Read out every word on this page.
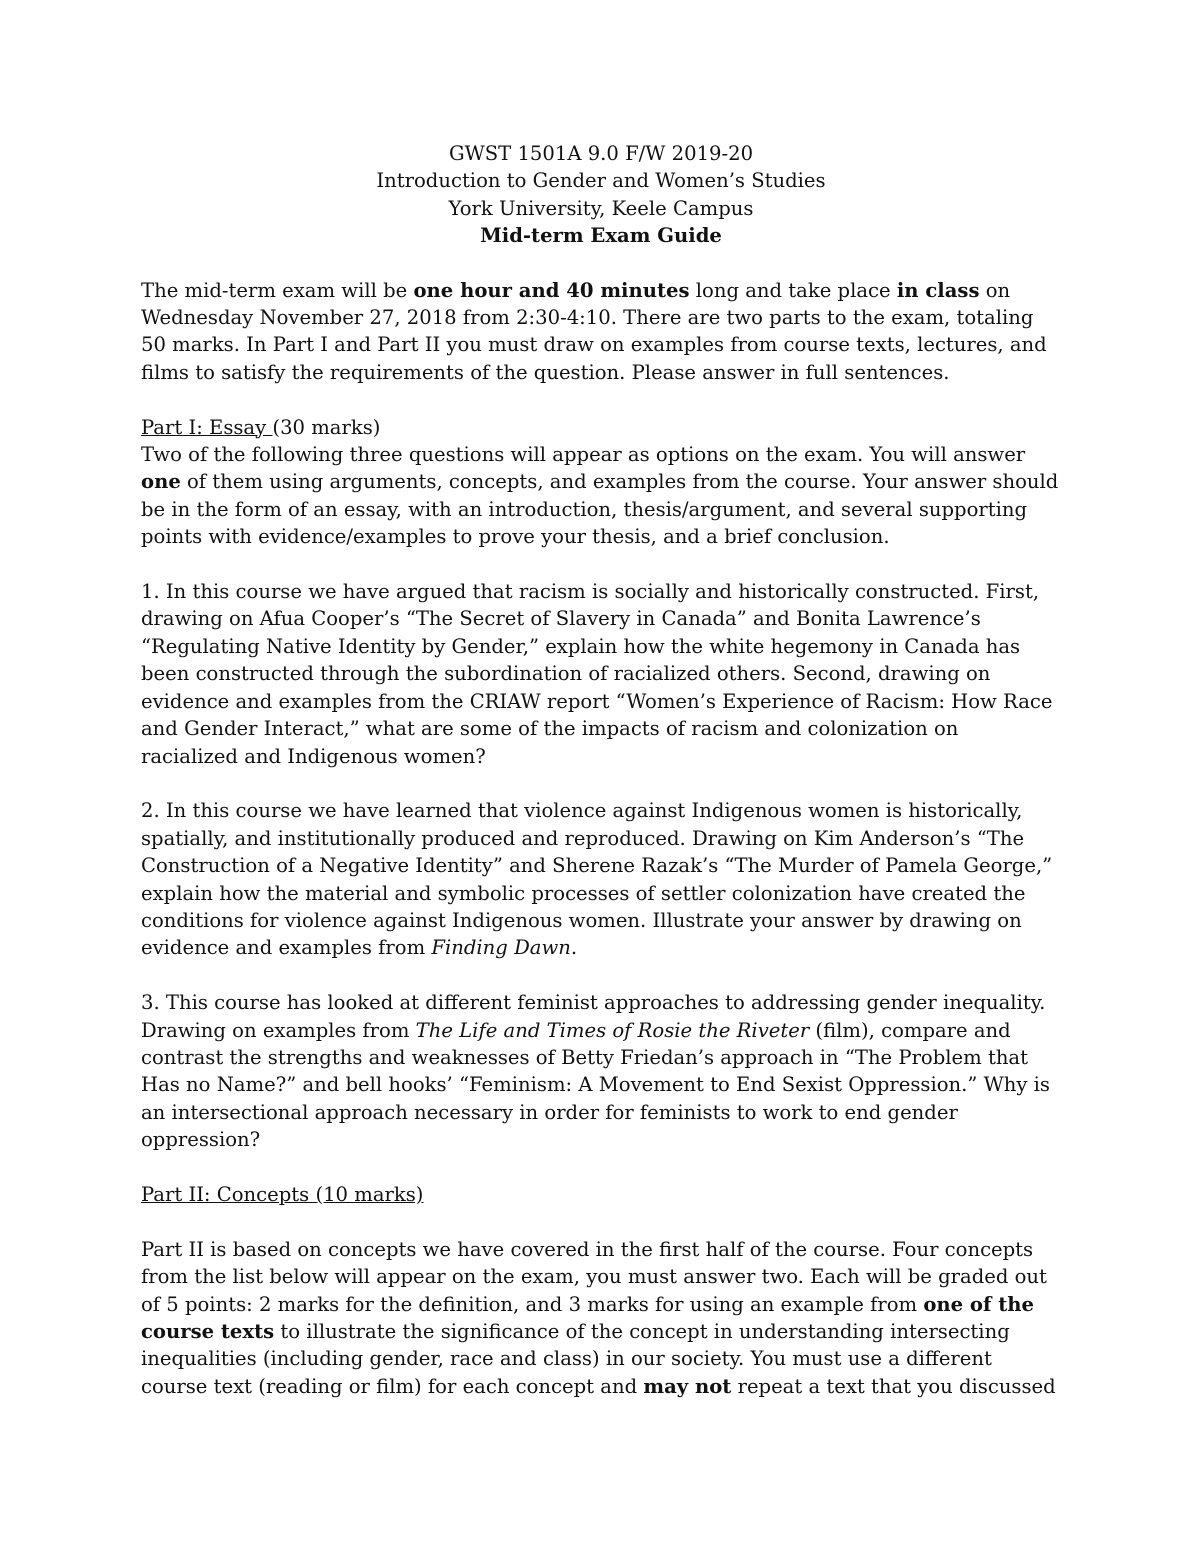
GWST 1501A 9.0 F/W 2019-20
Introduction to Gender and Women’s Studies
York University, Keele Campus
Mid-term Exam Guide

The mid-term exam will be one hour and 40 minutes long and take place in class on Wednesday November 27, 2018 from 2:30-4:10. There are two parts to the exam, totaling 50 marks. In Part I and Part II you must draw on examples from course texts, lectures, and films to satisfy the requirements of the question. Please answer in full sentences.

Part I: Essay (30 marks)

Two of the following three questions will appear as options on the exam. You will answer one of them using arguments, concepts, and examples from the course. Your answer should be in the form of an essay, with an introduction, thesis/argument, and several supporting points with evidence/examples to prove your thesis, and a brief conclusion.

1. In this course we have argued that racism is socially and historically constructed. First, drawing on Afua Cooper’s “The Secret of Slavery in Canada” and Bonita Lawrence’s “Regulating Native Identity by Gender,” explain how the white hegemony in Canada has been constructed through the subordination of racialized others. Second, drawing on evidence and examples from the CRIAW report “Women’s Experience of Racism: How Race and Gender Interact,” what are some of the impacts of racism and colonization on racialized and Indigenous women?

2. In this course we have learned that violence against Indigenous women is historically, spatially, and institutionally produced and reproduced. Drawing on Kim Anderson’s “The Construction of a Negative Identity” and Sherene Razak’s “The Murder of Pamela George,” explain how the material and symbolic processes of settler colonization have created the conditions for violence against Indigenous women. Illustrate your answer by drawing on evidence and examples from Finding Dawn.

3. This course has looked at different feminist approaches to addressing gender inequality. Drawing on examples from The Life and Times of Rosie the Riveter (film), compare and contrast the strengths and weaknesses of Betty Friedan’s approach in “The Problem that Has no Name?” and bell hooks’ “Feminism: A Movement to End Sexist Oppression.” Why is an intersectional approach necessary in order for feminists to work to end gender oppression?

Part II: Concepts (10 marks)

Part II is based on concepts we have covered in the first half of the course. Four concepts from the list below will appear on the exam, you must answer two. Each will be graded out of 5 points: 2 marks for the definition, and 3 marks for using an example from one of the course texts to illustrate the significance of the concept in understanding intersecting inequalities (including gender, race and class) in our society. You must use a different course text (reading or film) for each concept and may not repeat a text that you discussed
